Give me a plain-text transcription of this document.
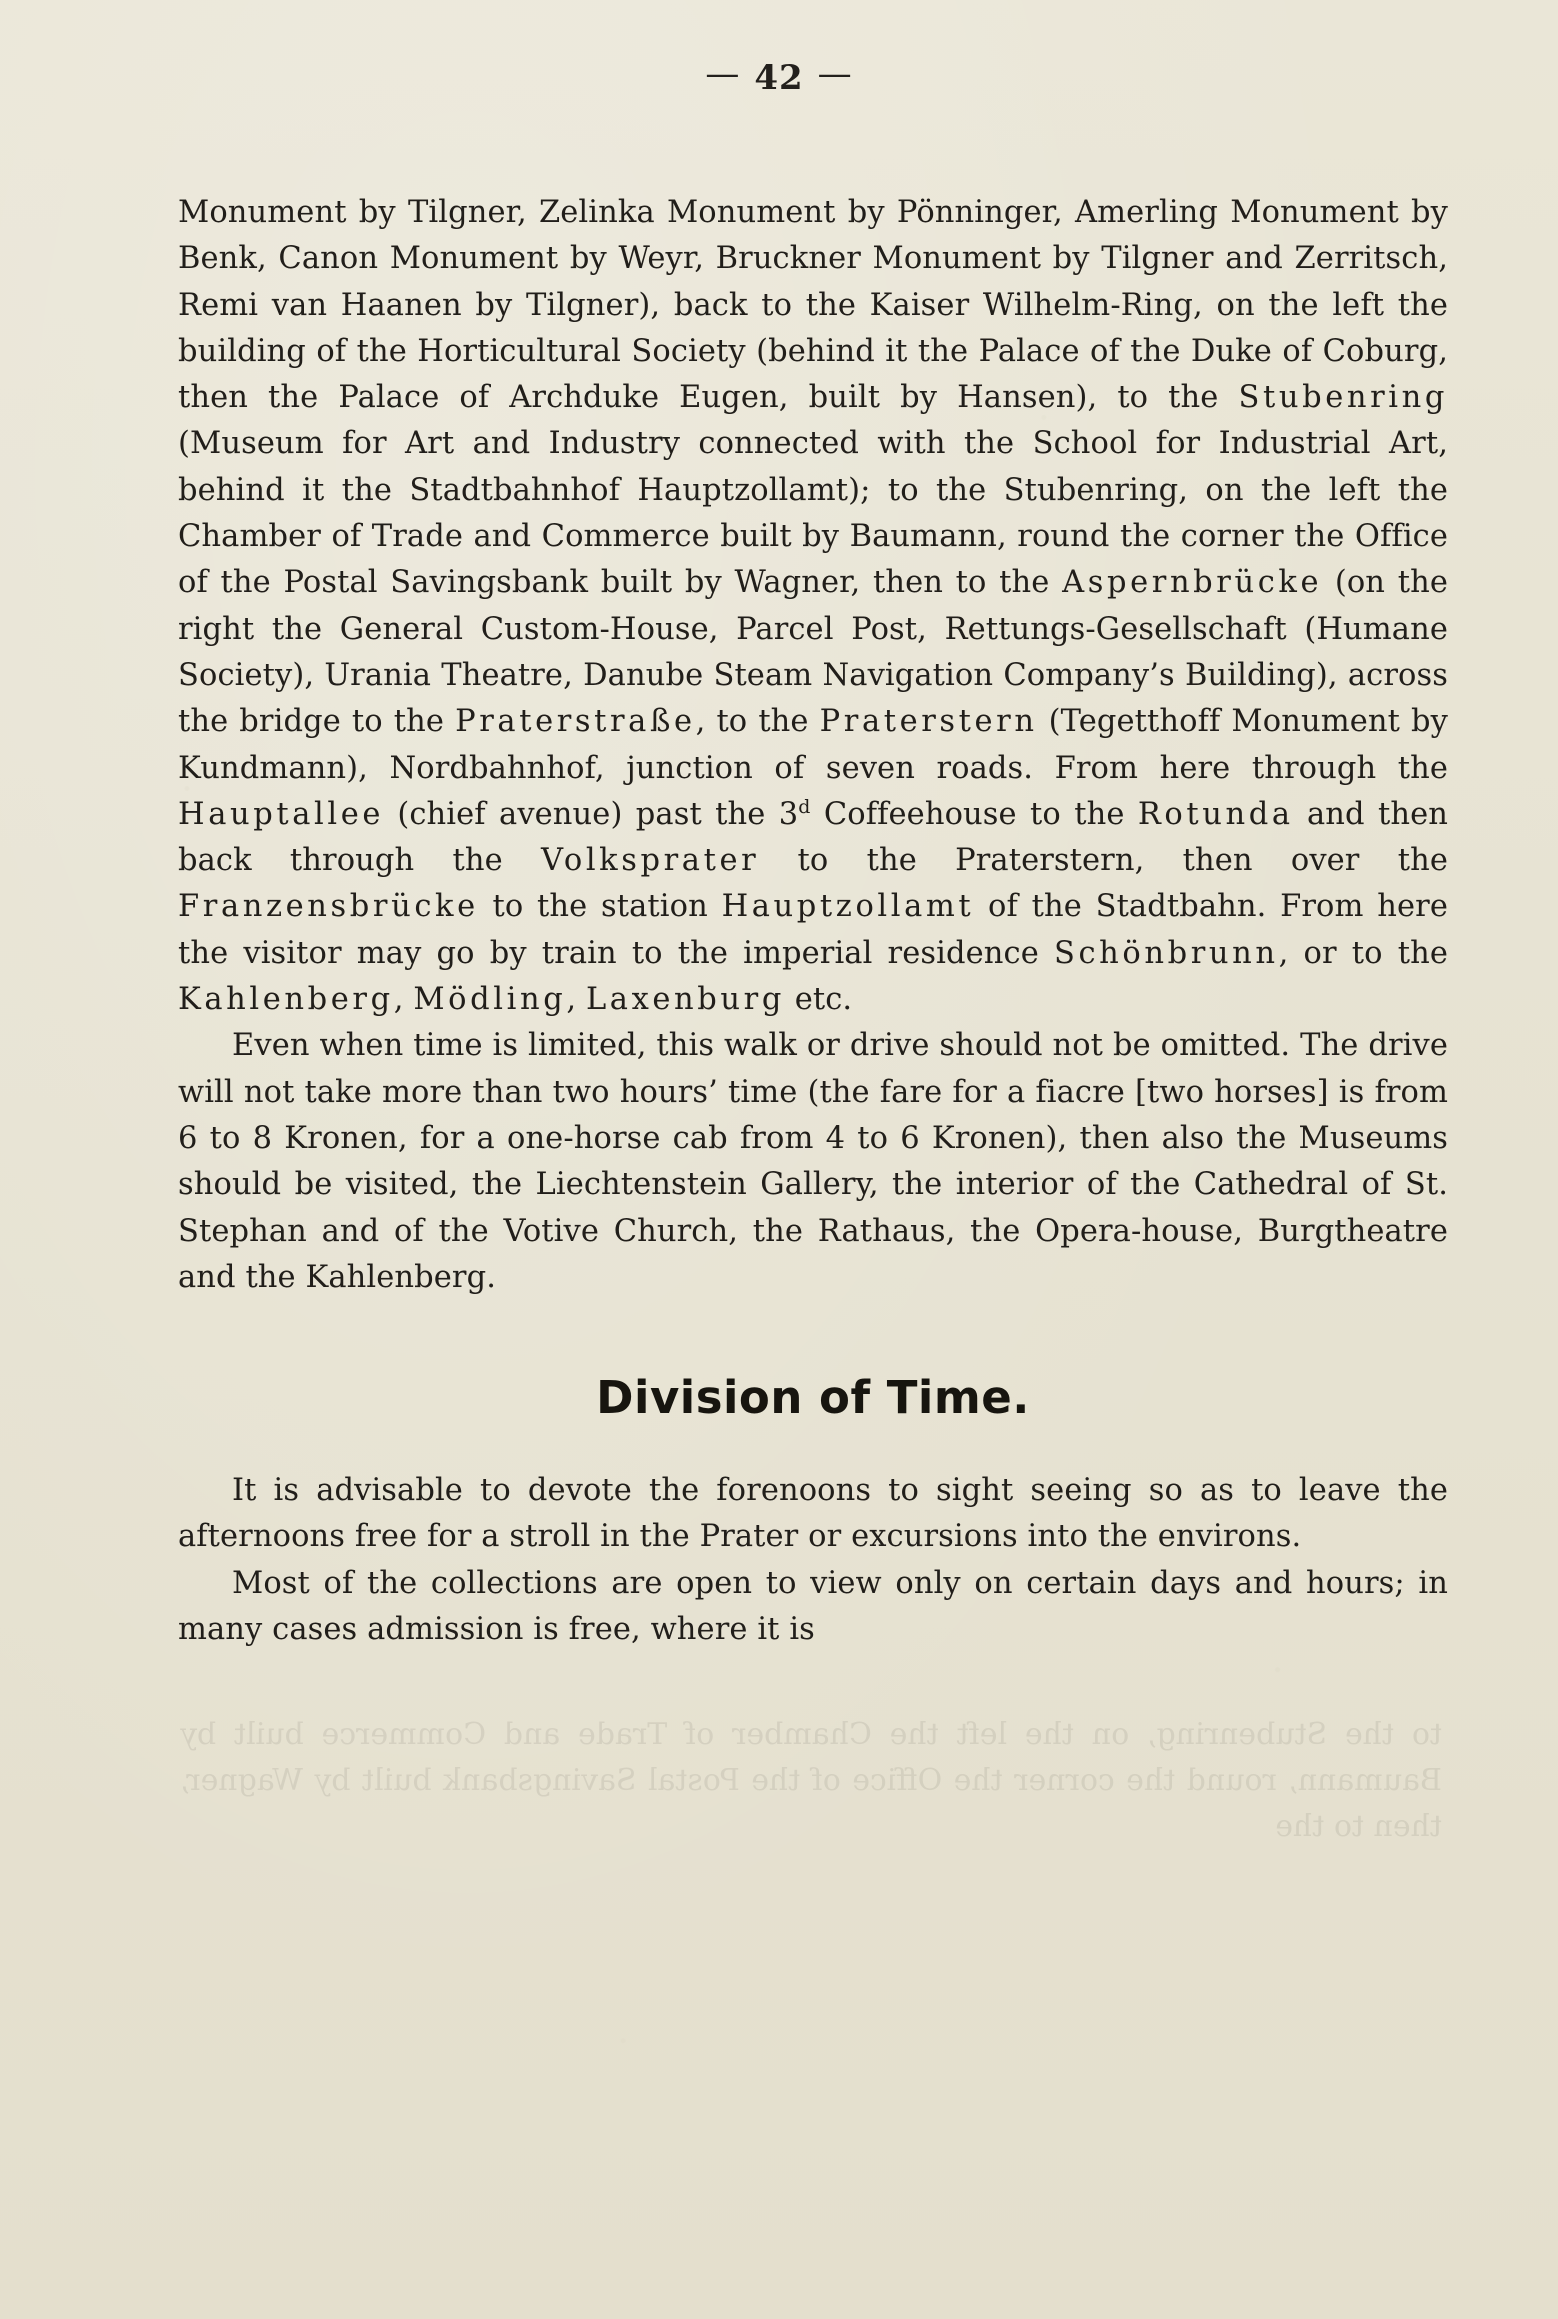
— 42 —

Monument by Tilgner, Zelinka Monument by Pönninger, Amerling Monument by Benk, Canon Monument by Weyr, Bruckner Monument by Tilgner and Zerritsch, Remi van Haanen by Tilgner), back to the Kaiser Wilhelm-Ring, on the left the building of the Horticultural Society (behind it the Palace of the Duke of Coburg, then the Palace of Archduke Eugen, built by Hansen), to the Stubenring (Museum for Art and Industry connected with the School for Industrial Art, behind it the Stadtbahnhof Hauptzollamt); to the Stubenring, on the left the Chamber of Trade and Commerce built by Baumann, round the corner the Office of the Postal Savingsbank built by Wagner, then to the Aspernbrücke (on the right the General Custom-House, Parcel Post, Rettungs-Gesellschaft (Humane Society), Urania Theatre, Danube Steam Navigation Company’s Building), across the bridge to the Praterstraße, to the Praterstern (Tegetthoff Monument by Kundmann), Nordbahnhof, junction of seven roads. From here through the Hauptallee (chief avenue) past the 3$^d$ Coffeehouse to the Rotunda and then back through the Volksprater to the Praterstern, then over the Franzensbrücke to the station Hauptzollamt of the Stadtbahn. From here the visitor may go by train to the imperial residence Schönbrunn, or to the Kahlenberg, Mödling, Laxenburg etc.

Even when time is limited, this walk or drive should not be omitted. The drive will not take more than two hours’ time (the fare for a fiacre [two horses] is from 6 to 8 Kronen, for a one-horse cab from 4 to 6 Kronen), then also the Museums should be visited, the Liechtenstein Gallery, the interior of the Cathedral of St. Stephan and of the Votive Church, the Rathaus, the Opera-house, Burgtheatre and the Kahlenberg.

Division of Time.

It is advisable to devote the forenoons to sight seeing so as to leave the afternoons free for a stroll in the Prater or excursions into the environs.

Most of the collections are open to view only on certain days and hours; in many cases admission is free, where it is

to the Stubenring, on the left the Chamber of Trade and Commerce built by Baumann, round the corner the Office of the Postal Savingsbank built by Wagner, then to the
